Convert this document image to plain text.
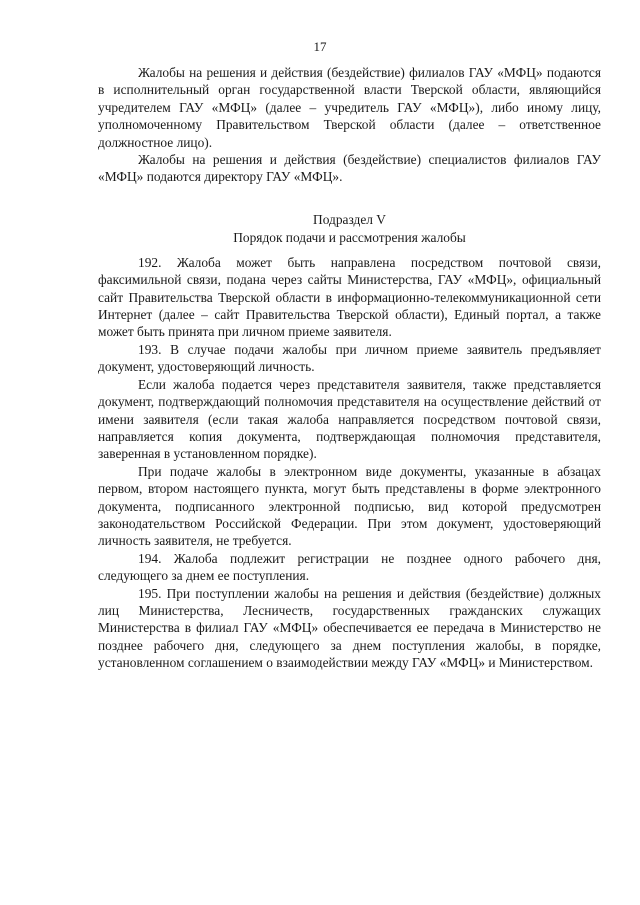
17

Жалобы на решения и действия (бездействие) филиалов ГАУ «МФЦ» подаются в исполнительный орган государственной власти Тверской области, являющийся учредителем ГАУ «МФЦ» (далее – учредитель ГАУ «МФЦ»), либо иному лицу, уполномоченному Правительством Тверской области (далее – ответственное должностное лицо).

Жалобы на решения и действия (бездействие) специалистов филиалов ГАУ «МФЦ» подаются директору ГАУ «МФЦ».

Подраздел V

Порядок подачи и рассмотрения жалобы

192. Жалоба может быть направлена посредством почтовой связи, факсимильной связи, подана через сайты Министерства, ГАУ «МФЦ», официальный сайт Правительства Тверской области в информационно-телекоммуникационной сети Интернет (далее – сайт Правительства Тверской области), Единый портал, а также может быть принята при личном приеме заявителя.

193. В случае подачи жалобы при личном приеме заявитель предъявляет документ, удостоверяющий личность.

Если жалоба подается через представителя заявителя, также представляется документ, подтверждающий полномочия представителя на осуществление действий от имени заявителя (если такая жалоба направляется посредством почтовой связи, направляется копия документа, подтверждающая полномочия представителя, заверенная в установленном порядке).

При подаче жалобы в электронном виде документы, указанные в абзацах первом, втором настоящего пункта, могут быть представлены в форме электронного документа, подписанного электронной подписью, вид которой предусмотрен законодательством Российской Федерации. При этом документ, удостоверяющий личность заявителя, не требуется.

194. Жалоба подлежит регистрации не позднее одного рабочего дня, следующего за днем ее поступления.

195. При поступлении жалобы на решения и действия (бездействие) должных лиц Министерства, Лесничеств, государственных гражданских служащих Министерства в филиал ГАУ «МФЦ» обеспечивается ее передача в Министерство не позднее рабочего дня, следующего за днем поступления жалобы, в порядке, установленном соглашением о взаимодействии между ГАУ «МФЦ» и Министерством.
